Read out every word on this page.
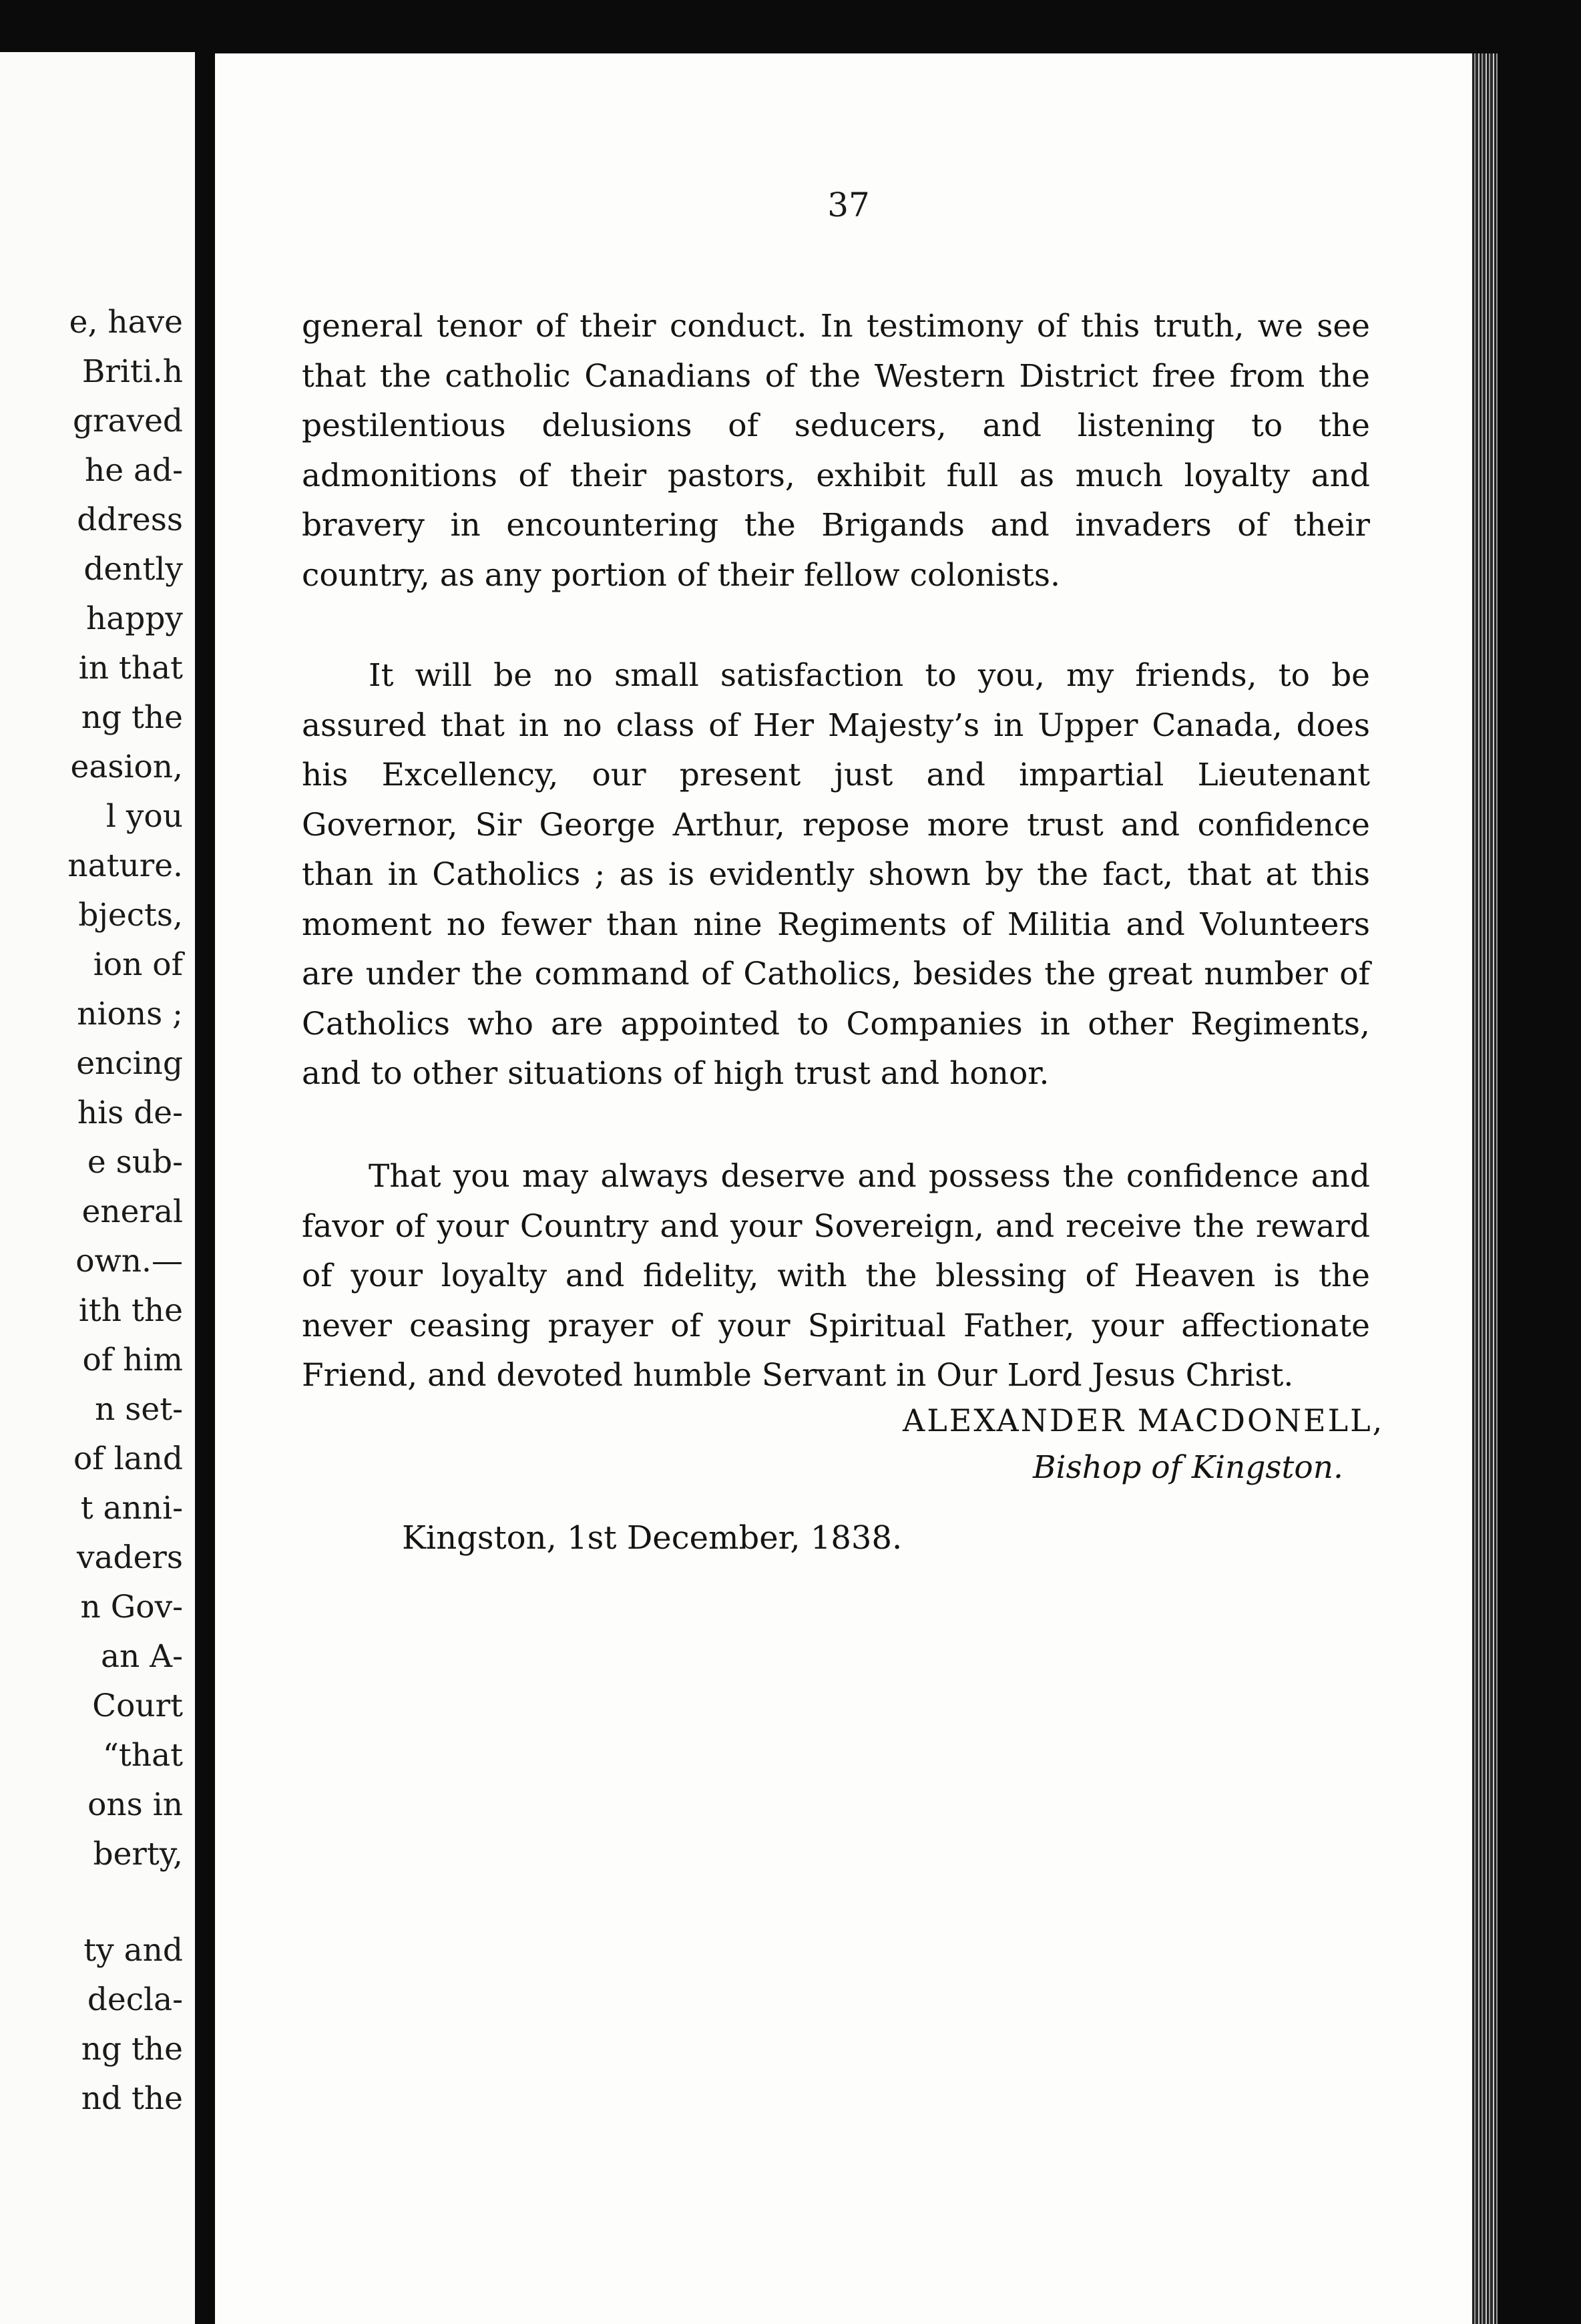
e, have
Briti.h
graved
he ad-
ddress
dently
happy
in that
ng the
easion,
l you
nature.
bjects,
ion of
nions ;
encing
his de-
e sub-
eneral
own.—
ith the
of him
n set-
of land
t anni-
vaders
n Gov-
an A-
Court
“that
ons in
berty,
ty and
decla-
ng the
nd the
37

general tenor of their conduct. In testimony of this truth, we see that the catholic Canadians of the Western District free from the pestilentious delusions of seducers, and listening to the admonitions of their pastors, exhibit full as much loyalty and bravery in encountering the Brigands and invaders of their country, as any portion of their fellow colonists.

It will be no small satisfaction to you, my friends, to be assured that in no class of Her Majesty’s in Upper Canada, does his Excellency, our present just and impartial Lieutenant Governor, Sir George Arthur, repose more trust and confidence than in Catholics ; as is evidently shown by the fact, that at this moment no fewer than nine Regiments of Militia and Volunteers are under the command of Catholics, besides the great number of Catholics who are appointed to Companies in other Regiments, and to other situations of high trust and honor.

That you may always deserve and possess the confidence and favor of your Country and your Sovereign, and receive the reward of your loyalty and fidelity, with the blessing of Heaven is the never ceasing prayer of your Spiritual Father, your affectionate Friend, and devoted humble Servant in Our Lord Jesus Christ.

ALEXANDER MACDONELL,
Bishop of Kingston.
Kingston, 1st December, 1838.
